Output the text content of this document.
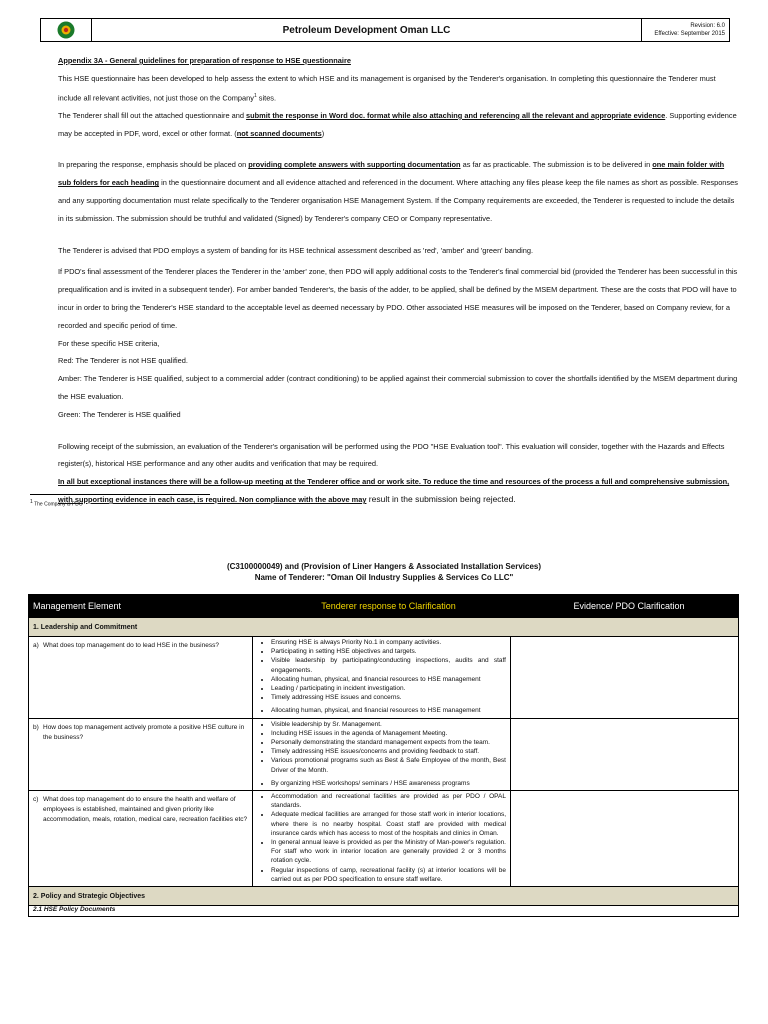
Petroleum Development Oman LLC	Revision: 6.0
Effective: September 2015

Appendix 3A - General guidelines for preparation of response to HSE questionnaire

This HSE questionnaire has been developed to help assess the extent to which HSE and its management is organised by the Tenderer's organisation. In completing this questionnaire the Tenderer must include all relevant activities, not just those on the Company$^1$ sites.

The Tenderer shall fill out the attached questionnaire and submit the response in Word doc. format while also attaching and referencing all the relevant and appropriate evidence. Supporting evidence may be accepted in PDF, word, excel or other format. (not scanned documents)

In preparing the response, emphasis should be placed on providing complete answers with supporting documentation as far as practicable. The submission is to be delivered in one main folder with sub folders for each heading in the questionnaire document and all evidence attached and referenced in the document. Where attaching any files please keep the file names as short as possible. Responses and any supporting documentation must relate specifically to the Tenderer organisation HSE Management System. If the Company requirements are exceeded, the Tenderer is requested to include the details in its submission. The submission should be truthful and validated (Signed) by Tenderer's company CEO or Company representative.

The Tenderer is advised that PDO employs a system of banding for its HSE technical assessment described as 'red', 'amber' and 'green' banding.

If PDO's final assessment of the Tenderer places the Tenderer in the 'amber' zone, then PDO will apply additional costs to the Tenderer's final commercial bid (provided the Tenderer has been successful in this prequalification and is invited in a subsequent tender). For amber banded Tenderer's, the basis of the adder, to be applied, shall be defined by the MSEM department. These are the costs that PDO will have to incur in order to bring the Tenderer's HSE standard to the acceptable level as deemed necessary by PDO. Other associated HSE measures will be imposed on the Tenderer, based on Company review, for a recorded and specific period of time.

For these specific HSE criteria,

Red: The Tenderer is not HSE qualified.

Amber: The Tenderer is HSE qualified, subject to a commercial adder (contract conditioning) to be applied against their commercial submission to cover the shortfalls identified by the MSEM department during the HSE evaluation.

Green: The Tenderer is HSE qualified

Following receipt of the submission, an evaluation of the Tenderer's organisation will be performed using the PDO "HSE Evaluation tool". This evaluation will consider, together with the Hazards and Effects register(s), historical HSE performance and any other audits and verification that may be required.

In all but exceptional instances there will be a follow-up meeting at the Tenderer office and or work site. To reduce the time and resources of the process a full and comprehensive submission, with supporting evidence in each case, is required. Non compliance with the above may result in the submission being rejected.

$^1$ The Company is PDO
(C3100000049) and (Provision of Liner Hangers & Associated Installation Services)
Name of Tenderer: "Oman Oil Industry Supplies & Services Co LLC"
Management Element	Tenderer response to Clarification	Evidence/ PDO Clarification
1. Leadership and Commitment
a) What does top management do to lead HSE in the business?
•	Ensuring HSE is always Priority No.1 in company activities.
• Participating in setting HSE objectives and targets.
• Visible leadership by participating/conducting inspections, audits and staff engagements.
• Allocating human, physical, and financial resources to HSE management
• Leading / participating in incident investigation.
• Timely addressing HSE issues and concerns.
• Allocating human, physical, and financial resources to HSE management
b) How does top management actively promote a positive HSE culture in the business?
• Visible leadership by Sr. Management.
• Including HSE issues in the agenda of Management Meeting.
• Personally demonstrating the standard management expects from the team.
• Timely addressing HSE issues/concerns and providing feedback to staff.
• Various promotional programs such as Best & Safe Employee of the month, Best Driver of the Month.
• By organizing HSE workshops/ seminars / HSE awareness programs
c) What does top management do to ensure the health and welfare of employees is established, maintained and given priority like accommodation, meals, rotation, medical care, recreation facilities etc?
• Accommodation and recreational facilities are provided as per PDO / OPAL standards.
• Adequate medical facilities are arranged for those staff work in interior locations, where there is no nearby hospital. Coast staff are provided with medical insurance cards which has access to most of the hospitals and clinics in Oman.
• In general annual leave is provided as per the Ministry of Man-power's regulation. For staff who work in interior location are generally provided 2 or 3 months rotation cycle.
• Regular inspections of camp, recreational facility (s) at interior locations will be carried out as per PDO specification to ensure staff welfare.
2. Policy and Strategic Objectives
2.1 HSE Policy Documents
